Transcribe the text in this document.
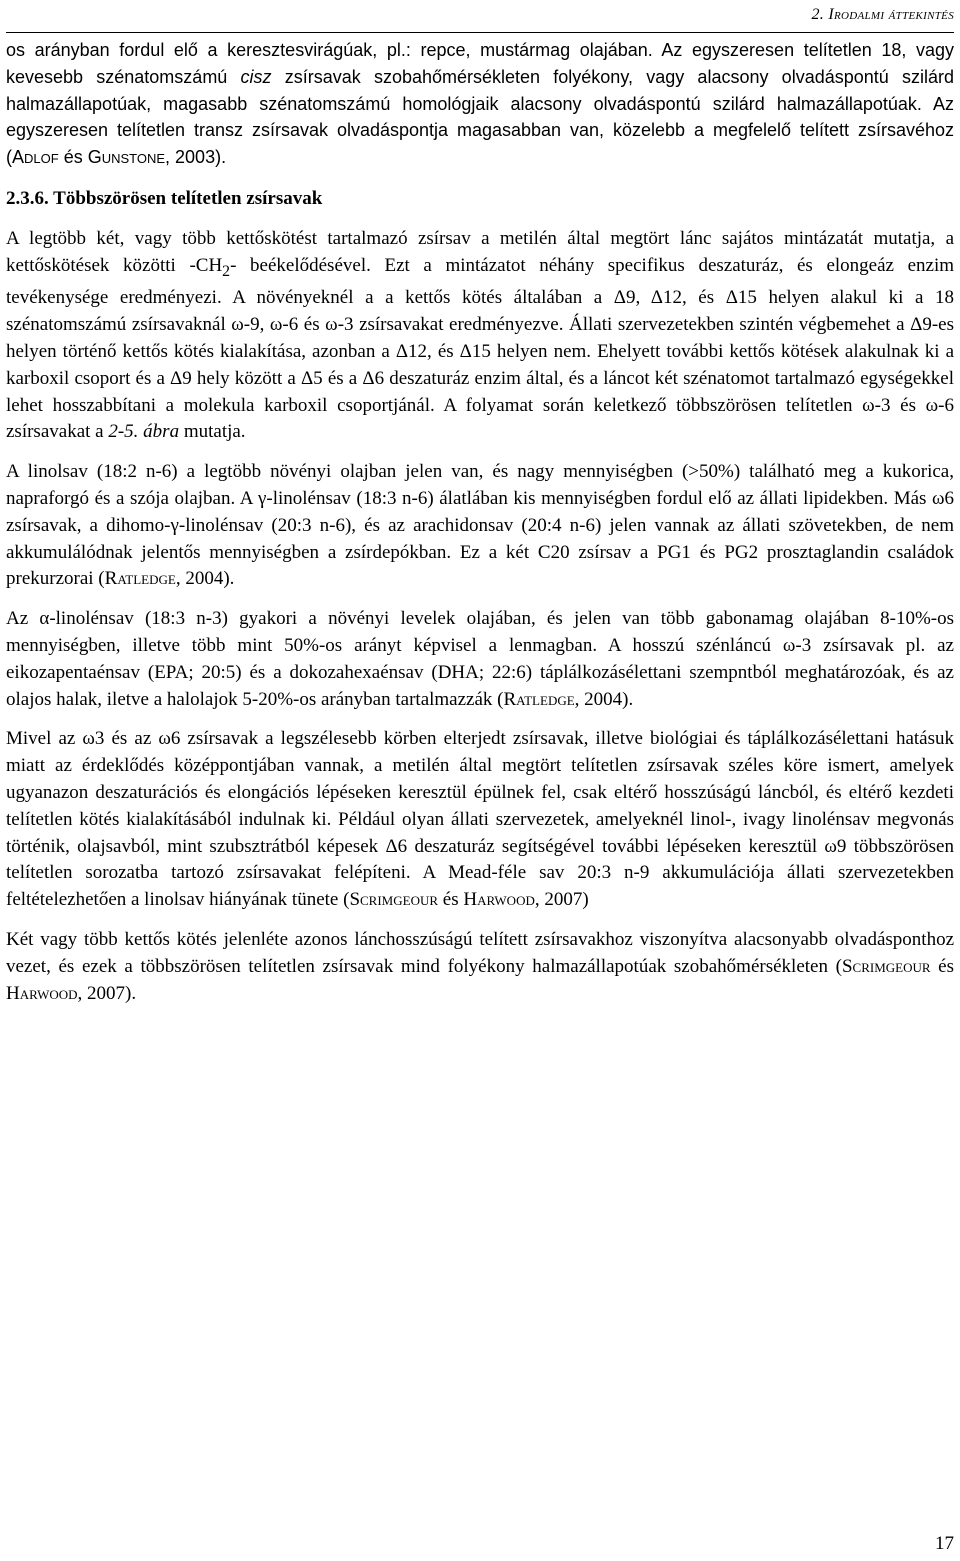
2. Irodalmi áttekintés

os arányban fordul elő a keresztesvirágúak, pl.: repce, mustármag olajában. Az egyszeresen telítetlen 18, vagy kevesebb szénatomszámú cisz zsírsavak szobahőmérsékleten folyékony, vagy alacsony olvadáspontú szilárd halmazállapotúak, magasabb szénatomszámú homológjaik alacsony olvadáspontú szilárd halmazállapotúak. Az egyszeresen telítetlen transz zsírsavak olvadáspontja magasabban van, közelebb a megfelelő telített zsírsavéhoz (Adlof és Gunstone, 2003).

2.3.6. Többszörösen telítetlen zsírsavak

A legtöbb két, vagy több kettőskötést tartalmazó zsírsav a metilén által megtört lánc sajátos mintázatát mutatja, a kettőskötések közötti $-CH_2-$ beékelődésével. Ezt a mintázatot néhány specifikus deszaturáz, és elongeáz enzim tevékenysége eredményezi. A növényeknél a a kettős kötés általában a Δ9, Δ12, és Δ15 helyen alakul ki a 18 szénatomszámú zsírsavaknál ω-9, ω-6 és ω-3 zsírsavakat eredményezve. Állati szervezetekben szintén végbemehet a Δ9-es helyen történő kettős kötés kialakítása, azonban a Δ12, és Δ15 helyen nem. Ehelyett további kettős kötések alakulnak ki a karboxil csoport és a Δ9 hely között a Δ5 és a Δ6 deszaturáz enzim által, és a láncot két szénatomot tartalmazó egységekkel lehet hosszabbítani a molekula karboxil csoportjánál. A folyamat során keletkező többszörösen telítetlen ω-3 és ω-6 zsírsavakat a 2-5. ábra mutatja.

A linolsav (18:2 n-6) a legtöbb növényi olajban jelen van, és nagy mennyiségben (>50%) található meg a kukorica, napraforgó és a szója olajban. A γ-linolénsav (18:3 n-6) álatlában kis mennyiségben fordul elő az állati lipidekben. Más ω6 zsírsavak, a dihomo-γ-linolénsav (20:3 n-6), és az arachidonsav (20:4 n-6) jelen vannak az állati szövetekben, de nem akkumulálódnak jelentős mennyiségben a zsírdepókban. Ez a két C20 zsírsav a PG1 és PG2 prosztaglandin családok prekurzorai (Ratledge, 2004).

Az α-linolénsav (18:3 n-3) gyakori a növényi levelek olajában, és jelen van több gabonamag olajában 8-10%-os mennyiségben, illetve több mint 50%-os arányt képvisel a lenmagban. A hosszú szénláncú ω-3 zsírsavak pl. az eikozapentaénsav (EPA; 20:5) és a dokozahexaénsav (DHA; 22:6) táplálkozásélettani szempntból meghatározóak, és az olajos halak, iletve a halolajok 5-20%-os arányban tartalmazzák (Ratledge, 2004).

Mivel az ω3 és az ω6 zsírsavak a legszélesebb körben elterjedt zsírsavak, illetve biológiai és táplálkozásélettani hatásuk miatt az érdeklődés középpontjában vannak, a metilén által megtört telítetlen zsírsavak széles köre ismert, amelyek ugyanazon deszaturációs és elongációs lépéseken keresztül épülnek fel, csak eltérő hosszúságú láncból, és eltérő kezdeti telítetlen kötés kialakításából indulnak ki. Például olyan állati szervezetek, amelyeknél linol-, ivagy linolénsav megvonás történik, olajsavból, mint szubsztrátból képesek Δ6 deszaturáz segítségével további lépéseken keresztül ω9 többszörösen telítetlen sorozatba tartozó zsírsavakat felépíteni. A Mead-féle sav 20:3 n-9 akkumulációja állati szervezetekben feltételezhetően a linolsav hiányának tünete (Scrimgeour és Harwood, 2007)

Két vagy több kettős kötés jelenléte azonos lánchosszúságú telített zsírsavakhoz viszonyítva alacsonyabb olvadásponthoz vezet, és ezek a többszörösen telítetlen zsírsavak mind folyékony halmazállapotúak szobahőmérsékleten (Scrimgeour és Harwood, 2007).

17
